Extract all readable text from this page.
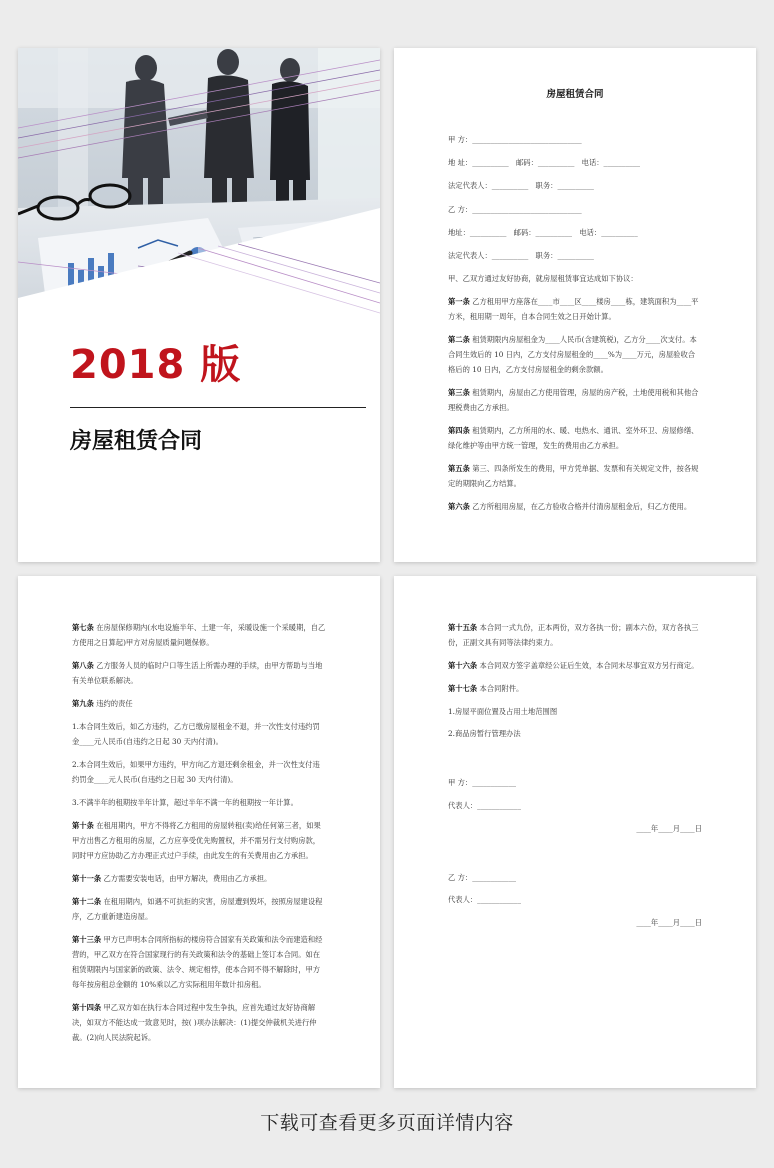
2018 版
房屋租赁合同
房屋租赁合同
甲 方：______________________________
地 址：__________　邮码：__________　电话：__________
法定代表人：__________　职务：__________
乙 方：______________________________
地址：__________　邮码：__________　电话：__________
法定代表人：__________　职务：__________
甲、乙双方通过友好协商，就房屋租赁事宜达成如下协议：
第一条 乙方租用甲方座落在____市____区____楼房____栋，建筑面积为____平方米，租用期一周年，自本合同生效之日开始计算。
第二条 租赁期限内房屋租金为____人民币(含建筑税)，乙方分____次支付。本合同生效后的 10 日内，乙方支付房屋租金的____%为____万元，房屋验收合格后的 10 日内，乙方支付房屋租金的剩余款额。
第三条 租赁期内，房屋由乙方使用管理，房屋的房产税，土地使用税和其他合理税费由乙方承担。
第四条 租赁期内，乙方所用的水、暖、电热水、通讯、室外环卫、房屋修缮、绿化维护等由甲方统一管理，发生的费用由乙方承担。
第五条 第三、四条所发生的费用，甲方凭单据、发票和有关规定文件，按各规定的期限向乙方结算。
第六条 乙方所租用房屋，在乙方验收合格并付清房屋租金后，归乙方使用。
第七条 在房屋保修期内(水电设施半年、土建一年，采暖设施一个采暖期，自乙方使用之日算起)甲方对房屋质量问题保修。
第八条 乙方服务人员的临时户口等生活上所需办理的手续，由甲方帮助与当地有关单位联系解决。
第九条 违约的责任
1.本合同生效后，如乙方违约，乙方已缴房屋租金不退，并一次性支付违约罚金____元人民币(自违约之日起 30 天内付清)。
2.本合同生效后，如果甲方违约，甲方向乙方退还剩余租金，并一次性支付违约罚金____元人民币(自违约之日起 30 天内付清)。
3.不满半年的租期按半年计算，超过半年不满一年的租期按一年计算。
第十条 在租用期内，甲方不得将乙方租用的房屋转租(卖)给任何第三者，如果甲方出售乙方租用的房屋，乙方应享受优先购置权，并不需另行支付购房款，同时甲方应协助乙方办理正式过户手续，由此发生的有关费用由乙方承担。
第十一条 乙方需要安装电话，由甲方解决，费用由乙方承担。
第十二条 在租用期内，如遇不可抗拒的灾害，房屋遭到毁坏，按照房屋建设程序，乙方重新建造房屋。
第十三条 甲方已声明本合同所指标的楼房符合国家有关政策和法令而建造和经营的，甲乙双方在符合国家现行的有关政策和法令的基础上签订本合同。如在租赁期限内与国家新的政策、法令、规定相悖，使本合同不得不解除时，甲方每年按房租总金额的 10%乘以乙方实际租用年数计扣房租。
第十四条 甲乙双方如在执行本合同过程中发生争执，应首先通过友好协商解决，如双方不能达成一致意见时，按( )项办法解决：(1)提交仲裁机关进行仲裁。(2)向人民法院起诉。
第十五条 本合同一式九份，正本两份，双方各执一份；副本六份，双方各执三份，正副文具有同等法律约束力。
第十六条 本合同双方签字盖章经公证后生效，本合同未尽事宜双方另行商定。
第十七条 本合同附件。
1.房屋平面位置及占用土地范围图
2.商品房暂行管理办法
甲 方：____________
代表人：____________
____年____月____日
乙 方：____________
代表人：____________
____年____月____日
下载可查看更多页面详情内容
